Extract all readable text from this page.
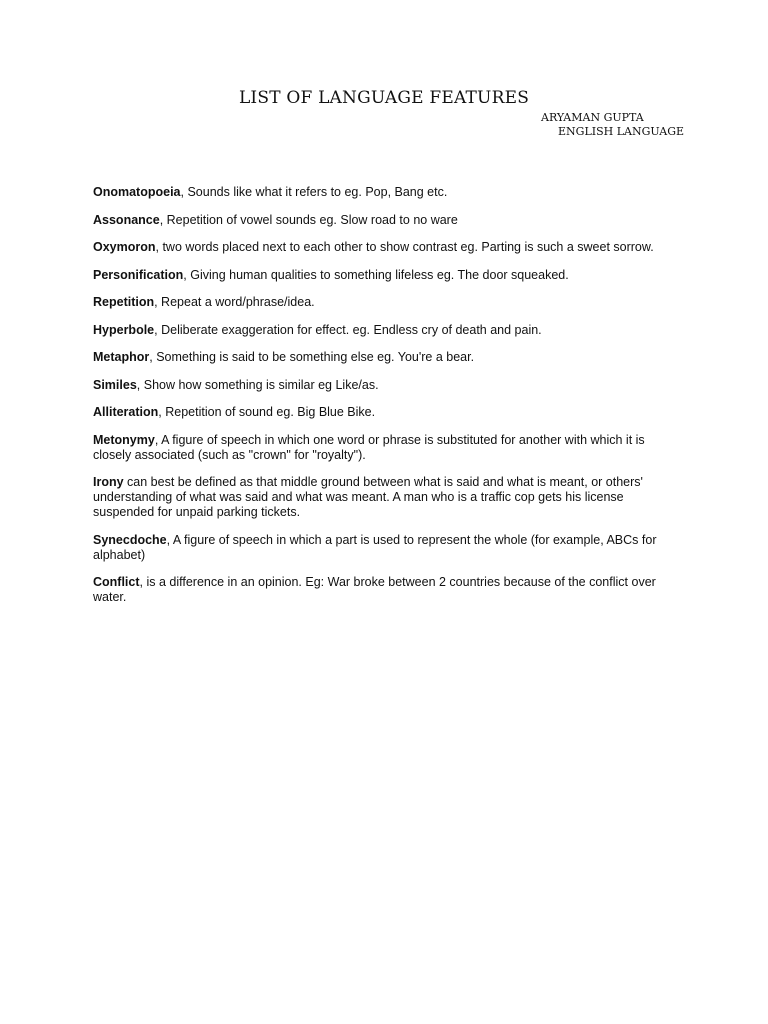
LIST OF LANGUAGE FEATURES
ARYAMAN GUPTA
ENGLISH LANGUAGE

Onomatopoeia, Sounds like what it refers to eg. Pop, Bang etc.

Assonance, Repetition of vowel sounds eg. Slow road to no ware

Oxymoron, two words placed next to each other to show contrast eg. Parting is such a sweet sorrow.

Personification, Giving human qualities to something lifeless eg. The door squeaked.

Repetition, Repeat a word/phrase/idea.

Hyperbole, Deliberate exaggeration for effect. eg. Endless cry of death and pain.

Metaphor, Something is said to be something else eg. You're a bear.

Similes, Show how something is similar eg Like/as.

Alliteration, Repetition of sound eg. Big Blue Bike.

Metonymy, A figure of speech in which one word or phrase is substituted for another with which it is closely associated (such as "crown" for "royalty").

Irony can best be defined as that middle ground between what is said and what is meant, or others' understanding of what was said and what was meant. A man who is a traffic cop gets his license suspended for unpaid parking tickets.

Synecdoche, A figure of speech in which a part is used to represent the whole (for example, ABCs for alphabet)

Conflict, is a difference in an opinion. Eg: War broke between 2 countries because of the conflict over water.
